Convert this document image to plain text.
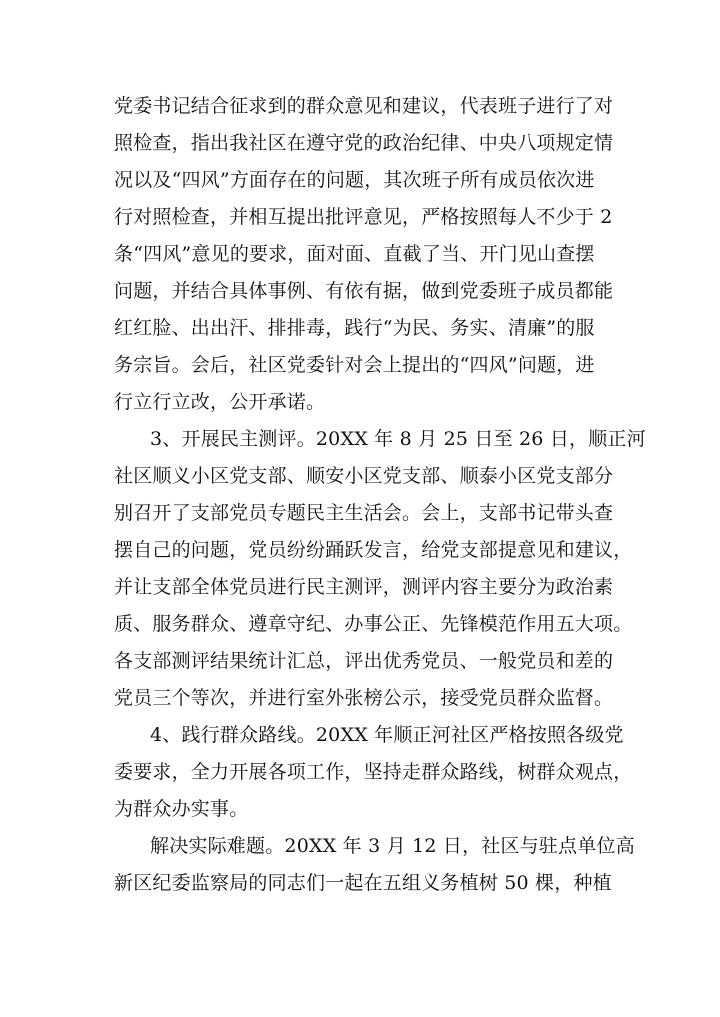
党委书记结合征求到的群众意见和建议，代表班子进行了对
照检查，指出我社区在遵守党的政治纪律、中央八项规定情
况以及“四风”方面存在的问题，其次班子所有成员依次进
行对照检查，并相互提出批评意见，严格按照每人不少于 2
条“四风”意见的要求，面对面、直截了当、开门见山查摆
问题，并结合具体事例、有依有据，做到党委班子成员都能
红红脸、出出汗、排排毒，践行“为民、务实、清廉”的服
务宗旨。会后，社区党委针对会上提出的“四风”问题，进
行立行立改，公开承诺。
3、开展民主测评。20XX 年 8 月 25 日至 26 日，顺正河
社区顺义小区党支部、顺安小区党支部、顺泰小区党支部分
别召开了支部党员专题民主生活会。会上，支部书记带头查
摆自己的问题，党员纷纷踊跃发言，给党支部提意见和建议，
并让支部全体党员进行民主测评，测评内容主要分为政治素
质、服务群众、遵章守纪、办事公正、先锋模范作用五大项。
各支部测评结果统计汇总，评出优秀党员、一般党员和差的
党员三个等次，并进行室外张榜公示，接受党员群众监督。
4、践行群众路线。20XX 年顺正河社区严格按照各级党
委要求，全力开展各项工作，坚持走群众路线，树群众观点，
为群众办实事。
解决实际难题。20XX 年 3 月 12 日，社区与驻点单位高
新区纪委监察局的同志们一起在五组义务植树 50 棵，种植
